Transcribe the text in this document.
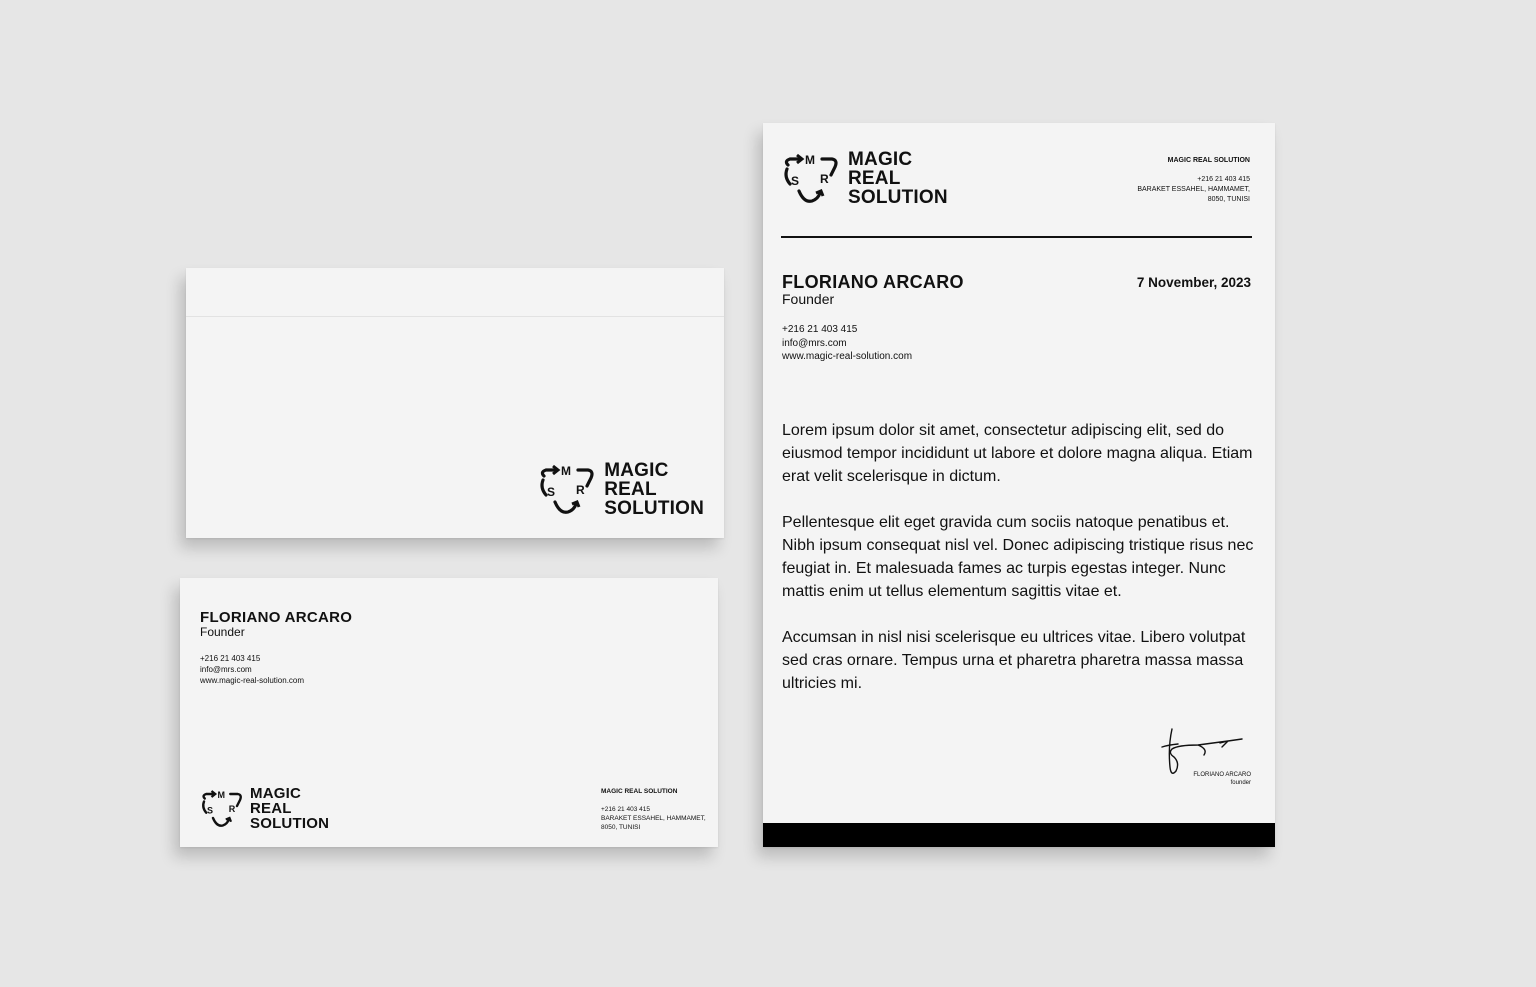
M
S R
MAGIC
REAL
SOLUTION
FLORIANO ARCARO
Founder
+216 21 403 415
info@mrs.com
www.magic-real-solution.com
M
S R
MAGIC
REAL
SOLUTION
MAGIC REAL SOLUTION
+216 21 403 415
BARAKET ESSAHEL, HAMMAMET,
8050, TUNISI
M
S R
MAGIC
REAL
SOLUTION
MAGIC REAL SOLUTION
+216 21 403 415
BARAKET ESSAHEL, HAMMAMET,
8050, TUNISI
FLORIANO ARCARO
Founder
7 November, 2023
+216 21 403 415
info@mrs.com
www.magic-real-solution.com

Lorem ipsum dolor sit amet, consectetur adipiscing elit, sed do eiusmod tempor incididunt ut labore et dolore magna aliqua. Etiam erat velit scelerisque in dictum.

Pellentesque elit eget gravida cum sociis natoque penatibus et. Nibh ipsum consequat nisl vel. Donec adipiscing tristique risus nec feugiat in. Et malesuada fames ac turpis egestas integer. Nunc mattis enim ut tellus elementum sagittis vitae et.

Accumsan in nisl nisi scelerisque eu ultrices vitae. Libero volutpat sed cras ornare. Tempus urna et pharetra pharetra massa massa ultricies mi.

FLORIANO ARCARO
founder
